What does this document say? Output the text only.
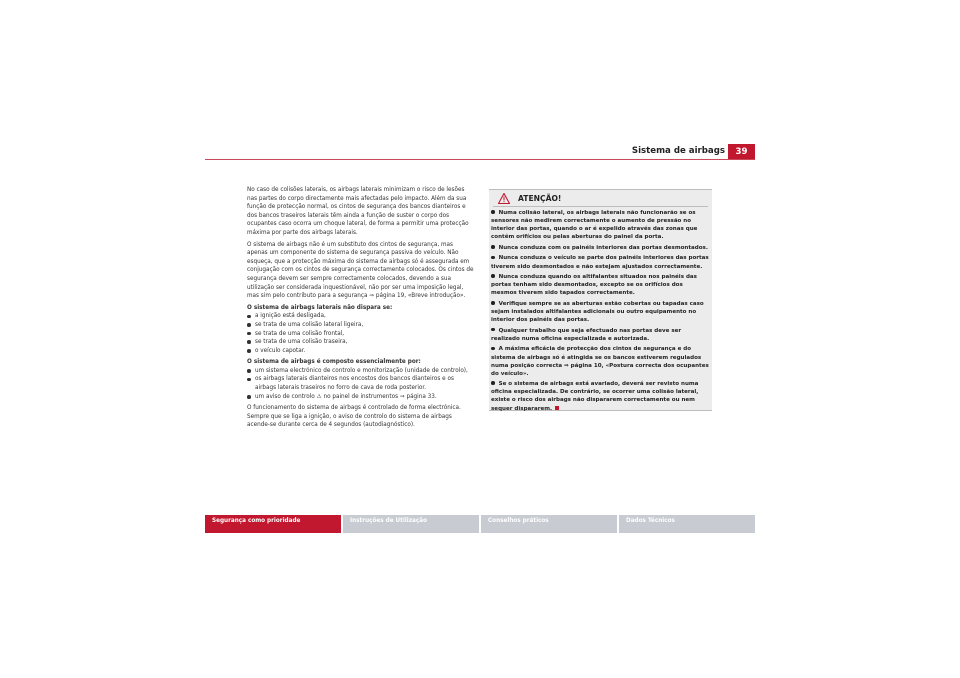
Sistema de airbags	39

No caso de colisões laterais, os airbags laterais minimizam o risco de lesões nas partes do corpo directamente mais afectadas pelo impacto. Além da sua função de protecção normal, os cintos de segurança dos bancos dianteiros e dos bancos traseiros laterais têm ainda a função de suster o corpo dos ocupantes caso ocorra um choque lateral, de forma a permitir uma protecção máxima por parte dos airbags laterais.

O sistema de airbags não é um substituto dos cintos de segurança, mas apenas um componente do sistema de segurança passiva do veículo. Não esqueça, que a protecção máxima do sistema de airbags só é assegurada em conjugação com os cintos de segurança correctamente colocados. Os cintos de segurança devem ser sempre correctamente colocados, devendo a sua utilização ser considerada inquestionável, não por ser uma imposição legal, mas sim pelo contributo para a segurança ⇒ página 19, «Breve introdução».

O sistema de airbags laterais não dispara se:

a ignição está desligada,
se trata de uma colisão lateral ligeira,
se trata de uma colisão frontal,
se trata de uma colisão traseira,
o veículo capotar.

O sistema de airbags é composto essencialmente por:

um sistema electrónico de controlo e monitorização (unidade de controlo),
os airbags laterais dianteiros nos encostos dos bancos dianteiros e os airbags laterais traseiros no forro de cava de roda posterior.
um aviso de controlo ⚠ no painel de instrumentos ⇒ página 33.

O funcionamento do sistema de airbags é controlado de forma electrónica. Sempre que se liga a ignição, o aviso de controlo do sistema de airbags acende-se durante cerca de 4 segundos (autodiagnóstico).

ATENÇÃO!

Numa colisão lateral, os airbags laterais não funcionarão se os sensores não medirem correctamente o aumento de pressão no interior das portas, quando o ar é expelido através das zonas que contêm orifícios ou pelas aberturas do painel da porta.

Nunca conduza com os painéis interiores das portas desmontados.

Nunca conduza o veículo se parte dos painéis interiores das portas tiverem sido desmontados e não estejam ajustados correctamente.

Nunca conduza quando os altifalantes situados nos painéis das portas tenham sido desmontados, excepto se os orifícios dos mesmos tiverem sido tapados correctamente.

Verifique sempre se as aberturas estão cobertas ou tapadas caso sejam instalados altifalantes adicionais ou outro equipamento no interior dos painéis das portas.

Qualquer trabalho que seja efectuado nas portas deve ser realizado numa oficina especializada e autorizada.

A máxima eficácia de protecção dos cintos de segurança e do sistema de airbags só é atingida se os bancos estiverem regulados numa posição correcta ⇒ página 10, «Postura correcta dos ocupantes do veículo».

Se o sistema de airbags está avariado, deverá ser revisto numa oficina especializada. De contrário, se ocorrer uma colisão lateral, existe o risco dos airbags não dispararem correctamente ou nem sequer dispararem.

Segurança como prioridade	Instruções de Utilização	Conselhos práticos	Dados Técnicos
